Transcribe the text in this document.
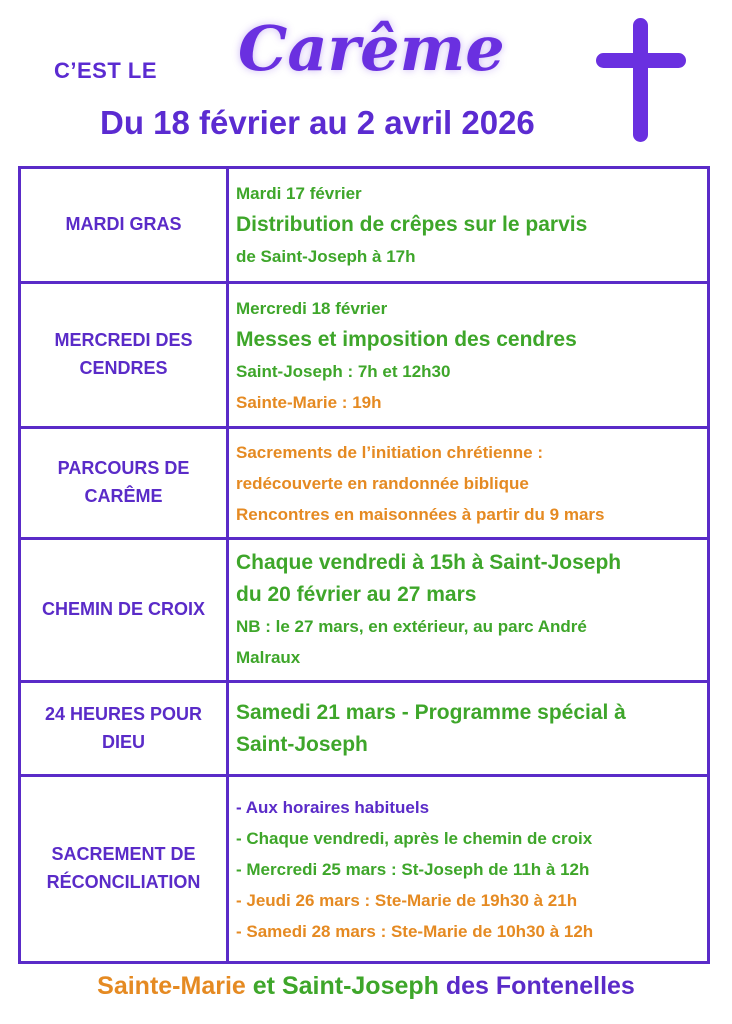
C’EST LE Carême
Du 18 février au 2 avril 2026
MARDI GRAS
Mardi 17 février
Distribution de crêpes sur le parvis
de Saint-Joseph à 17h
MERCREDI DES CENDRES
Mercredi 18 février
Messes et imposition des cendres
Saint-Joseph : 7h et 12h30
Sainte-Marie : 19h
PARCOURS DE CARÊME
Sacrements de l’initiation chrétienne :
redécouverte en randonnée biblique
Rencontres en maisonnées à partir du 9 mars
CHEMIN DE CROIX
Chaque vendredi à 15h à Saint-Joseph
du 20 février au 27 mars
NB : le 27 mars, en extérieur, au parc André
Malraux
24 HEURES POUR DIEU
Samedi 21 mars - Programme spécial à
Saint-Joseph
SACREMENT DE RÉCONCILIATION
- Aux horaires habituels
- Chaque vendredi, après le chemin de croix
- Mercredi 25 mars : St-Joseph de 11h à 12h
- Jeudi 26 mars : Ste-Marie de 19h30 à 21h
- Samedi 28 mars : Ste-Marie de 10h30 à 12h
Sainte-Marie et Saint-Joseph des Fontenelles
